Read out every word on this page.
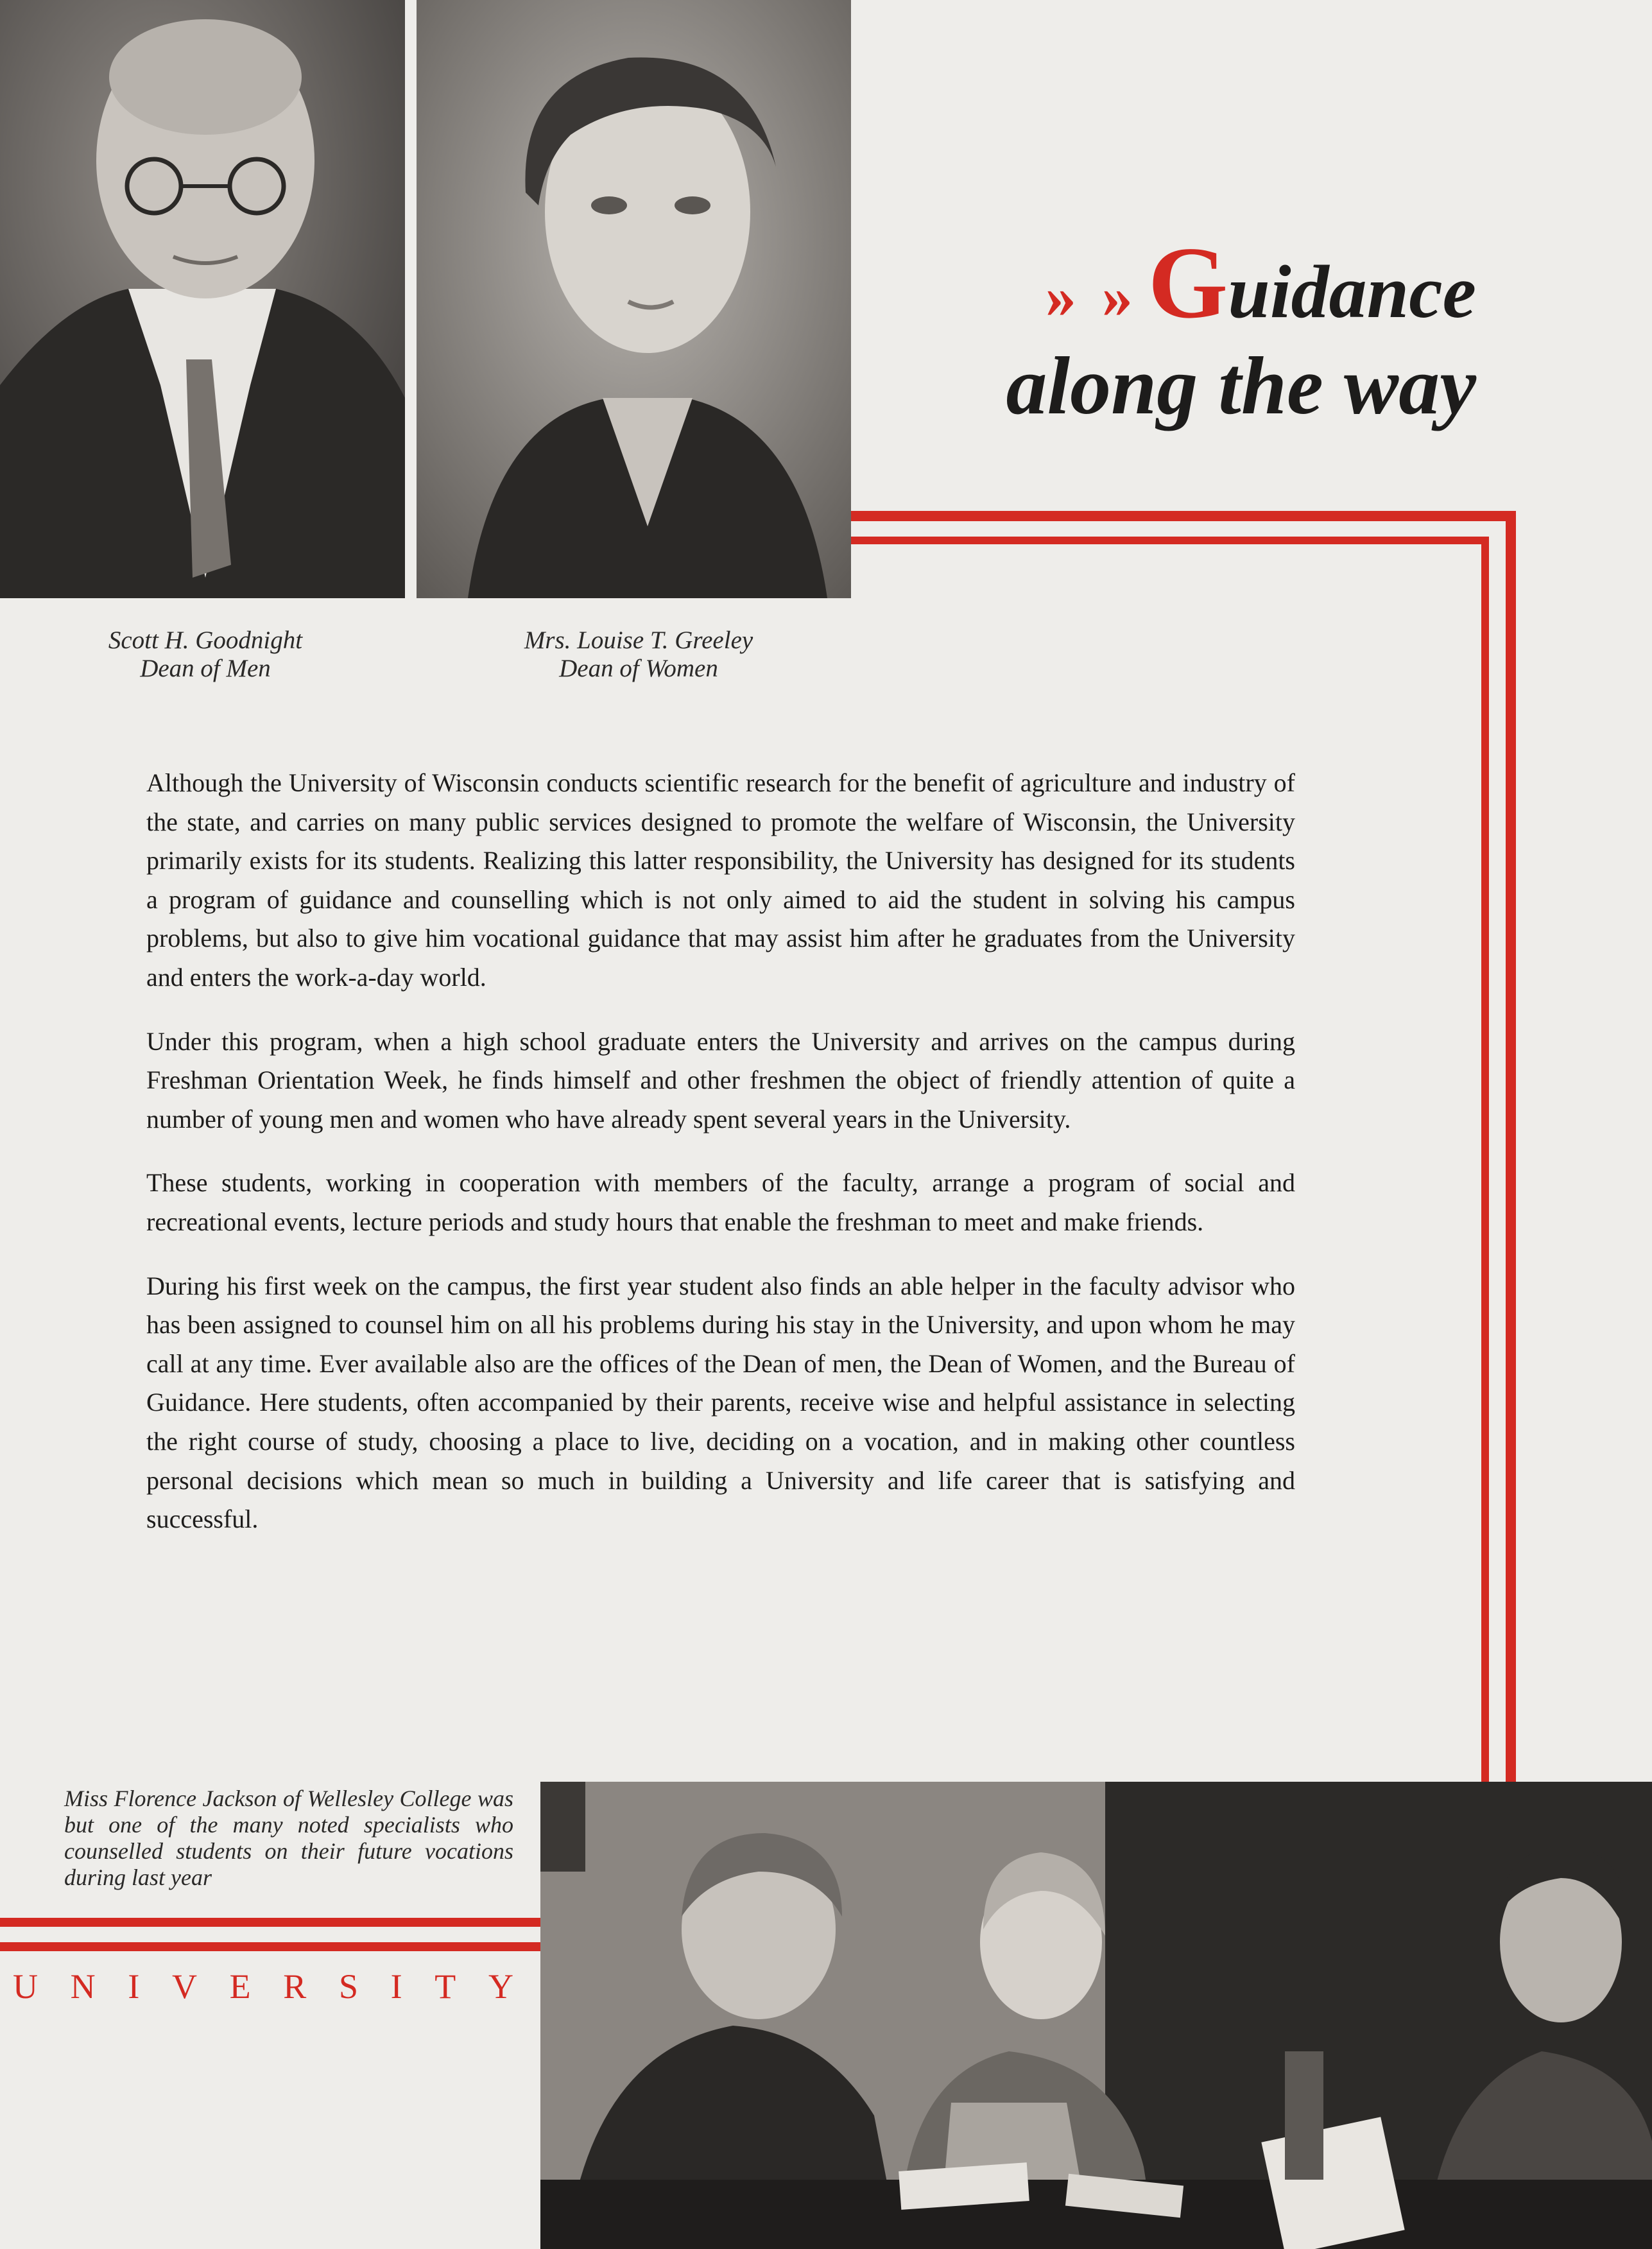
Scott H. Goodnight
Dean of Men
Mrs. Louise T. Greeley
Dean of Women
» » Guidance
along the way

Although the University of Wisconsin conducts scientific research for the benefit of agriculture and industry of the state, and carries on many public services designed to promote the welfare of Wisconsin, the University primarily exists for its students. Realizing this latter responsibility, the University has designed for its students a program of guidance and counselling which is not only aimed to aid the student in solving his campus problems, but also to give him vocational guidance that may assist him after he graduates from the University and enters the work-a-day world.

Under this program, when a high school graduate enters the University and arrives on the campus during Freshman Orientation Week, he finds himself and other freshmen the object of friendly attention of quite a number of young men and women who have already spent several years in the University.

These students, working in cooperation with members of the faculty, arrange a program of social and recreational events, lecture periods and study hours that enable the freshman to meet and make friends.

During his first week on the campus, the first year student also finds an able helper in the faculty advisor who has been assigned to counsel him on all his problems during his stay in the University, and upon whom he may call at any time. Ever available also are the offices of the Dean of men, the Dean of Women, and the Bureau of Guidance. Here students, often accompanied by their parents, receive wise and helpful assistance in selecting the right course of study, choosing a place to live, deciding on a vocation, and in making other countless personal decisions which mean so much in building a University and life career that is satisfying and successful.

Miss Florence Jackson of Wellesley College was but one of the many noted specialists who counselled students on their future vocations during last year
U N I V E R S I T Y
